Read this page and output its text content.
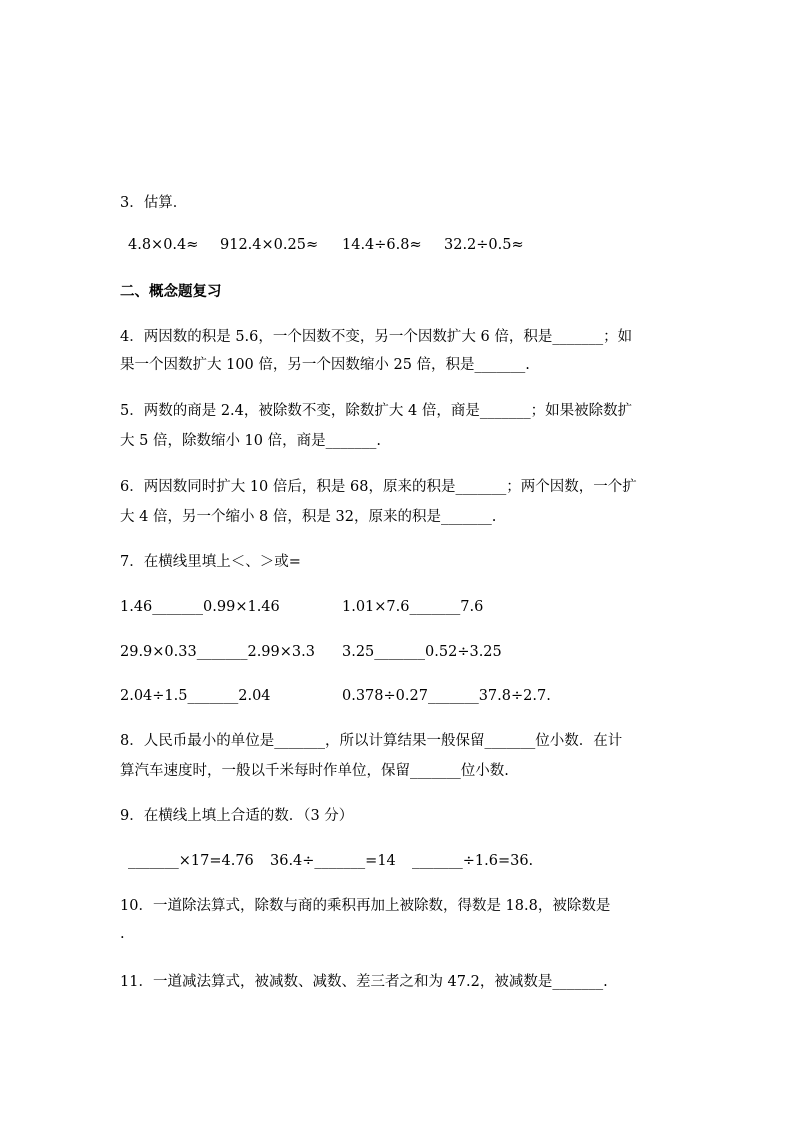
3．估算．
4.8×0.4≈ 912.4×0.25≈ 14.4÷6.8≈ 32.2÷0.5≈
二、概念题复习
4．两因数的积是 5.6，一个因数不变，另一个因数扩大 6 倍，积是_______；如
果一个因数扩大 100 倍，另一个因数缩小 25 倍，积是_______.
5．两数的商是 2.4，被除数不变，除数扩大 4 倍，商是_______；如果被除数扩
大 5 倍，除数缩小 10 倍，商是_______.
6．两因数同时扩大 10 倍后，积是 68，原来的积是_______；两个因数，一个扩
大 4 倍，另一个缩小 8 倍，积是 32，原来的积是_______.
7．在横线里填上＜、＞或=
1.46_______0.99×1.46	1.01×7.6_______7.6
29.9×0.33_______2.99×3.3 3.25_______0.52÷3.25
2.04÷1.5_______2.04	0.378÷0.27_______37.8÷2.7.
8．人民币最小的单位是_______，所以计算结果一般保留_______位小数．在计
算汽车速度时，一般以千米每时作单位，保留_______位小数.
9．在横线上填上合适的数．（3 分）
_______×17=4.76 36.4÷_______=14 _______÷1.6=36.
10．一道除法算式，除数与商的乘积再加上被除数，得数是 18.8，被除数是
.
11．一道减法算式，被减数、减数、差三者之和为 47.2，被减数是_______.
